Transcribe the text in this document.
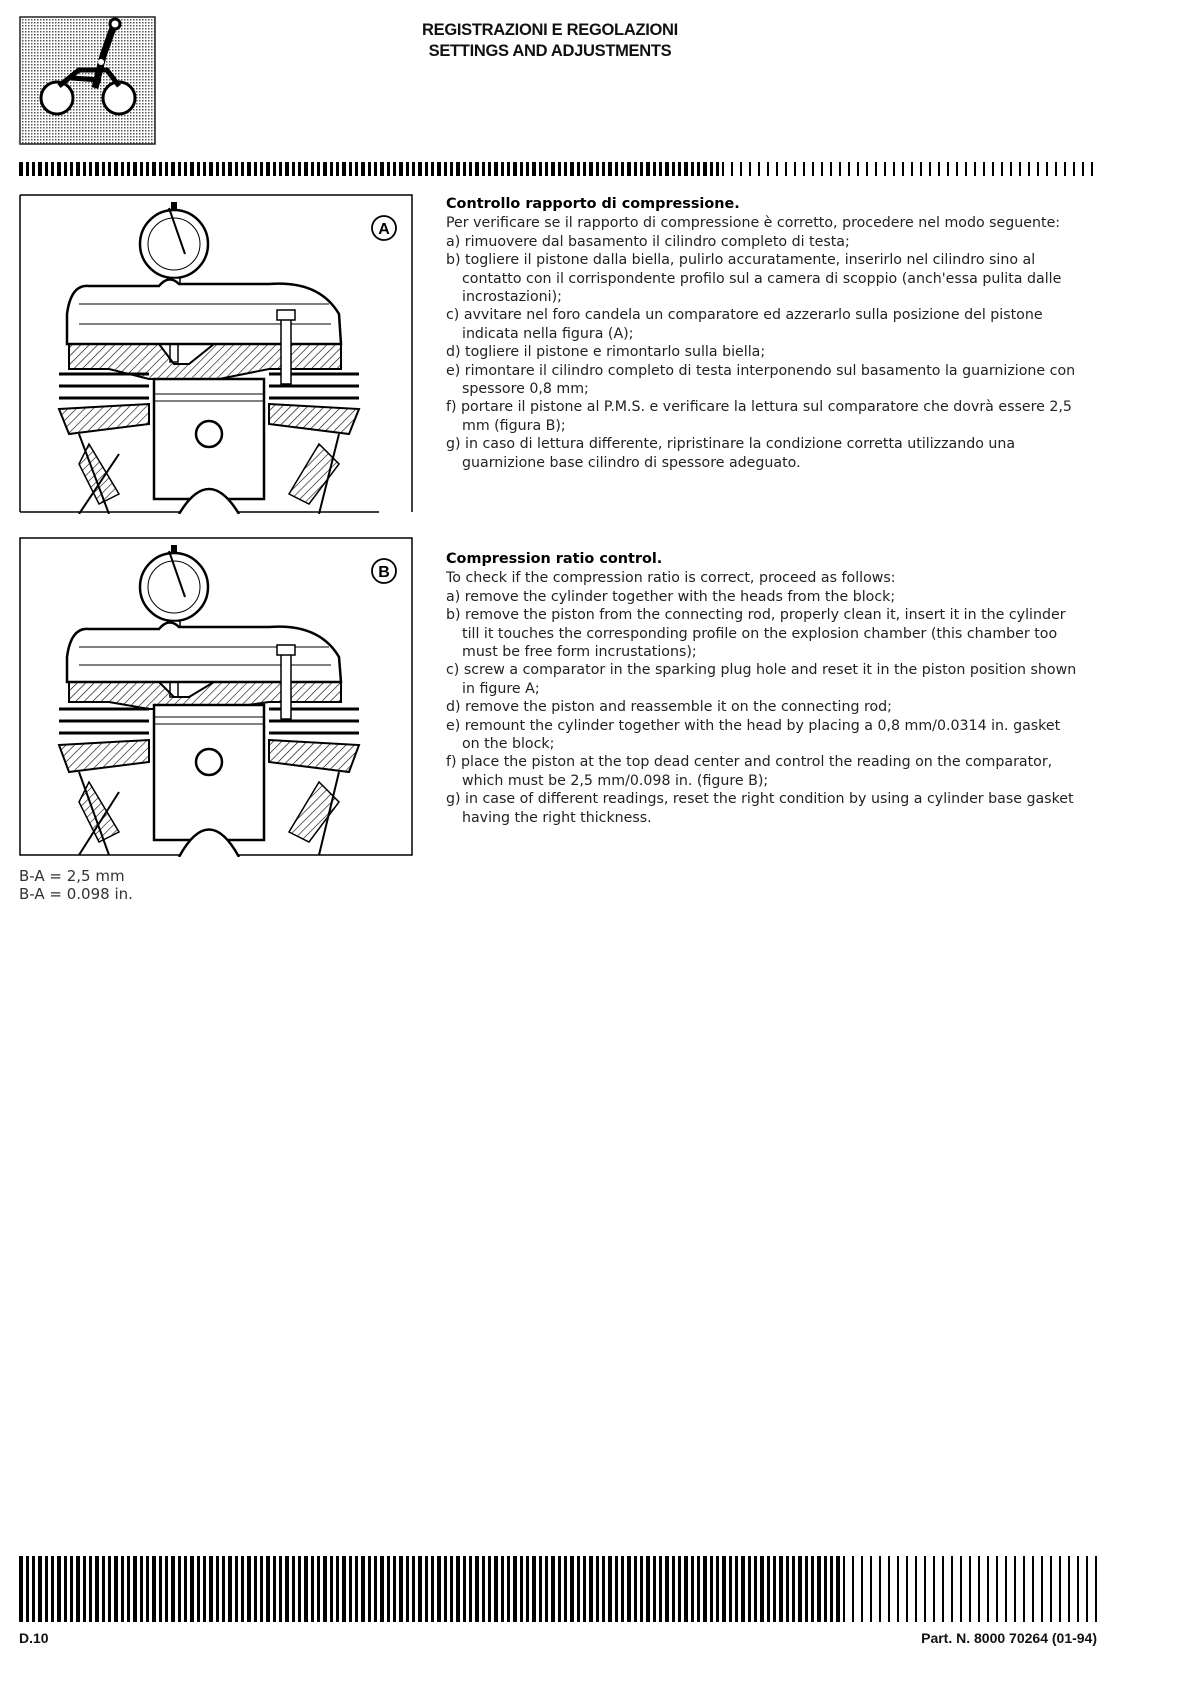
REGISTRAZIONI E REGOLAZIONI
SETTINGS AND ADJUSTMENTS
A
B
B-A = 2,5 mm
B-A = 0.098 in.

Controllo rapporto di compressione.

Per verificare se il rapporto di compressione è corretto, procedere nel modo seguente:

a) rimuovere dal basamento il cilindro completo di testa;

b) togliere il pistone dalla biella, pulirlo accuratamente, inserirlo nel cilindro sino al contatto con il corrispondente profilo sul a camera di scoppio (anch'essa pulita dalle incrostazioni);

c) avvitare nel foro candela un comparatore ed azzerarlo sulla posizione del pistone indicata nella figura (A);

d) togliere il pistone e rimontarlo sulla biella;

e) rimontare il cilindro completo di testa interponendo sul basamento la guarnizione con spessore 0,8 mm;

f) portare il pistone al P.M.S. e verificare la lettura sul comparatore che dovrà essere 2,5 mm (figura B);

g) in caso di lettura differente, ripristinare la condizione corretta utilizzando una guarnizione base cilindro di spessore adeguato.

Compression ratio control.

To check if the compression ratio is correct, proceed as follows:

a) remove the cylinder together with the heads from the block;

b) remove the piston from the connecting rod, properly clean it, insert it in the cylinder till it touches the corresponding profile on the explosion chamber (this chamber too must be free form incrustations);

c) screw a comparator in the sparking plug hole and reset it in the piston position shown in figure A;

d) remove the piston and reassemble it on the connecting rod;

e) remount the cylinder together with the head by placing a 0,8 mm/0.0314 in. gasket on the block;

f) place the piston at the top dead center and control the reading on the comparator, which must be 2,5 mm/0.098 in. (figure B);

g) in case of different readings, reset the right condition by using a cylinder base gasket having the right thickness.

D.10	Part. N. 8000 70264 (01-94)
